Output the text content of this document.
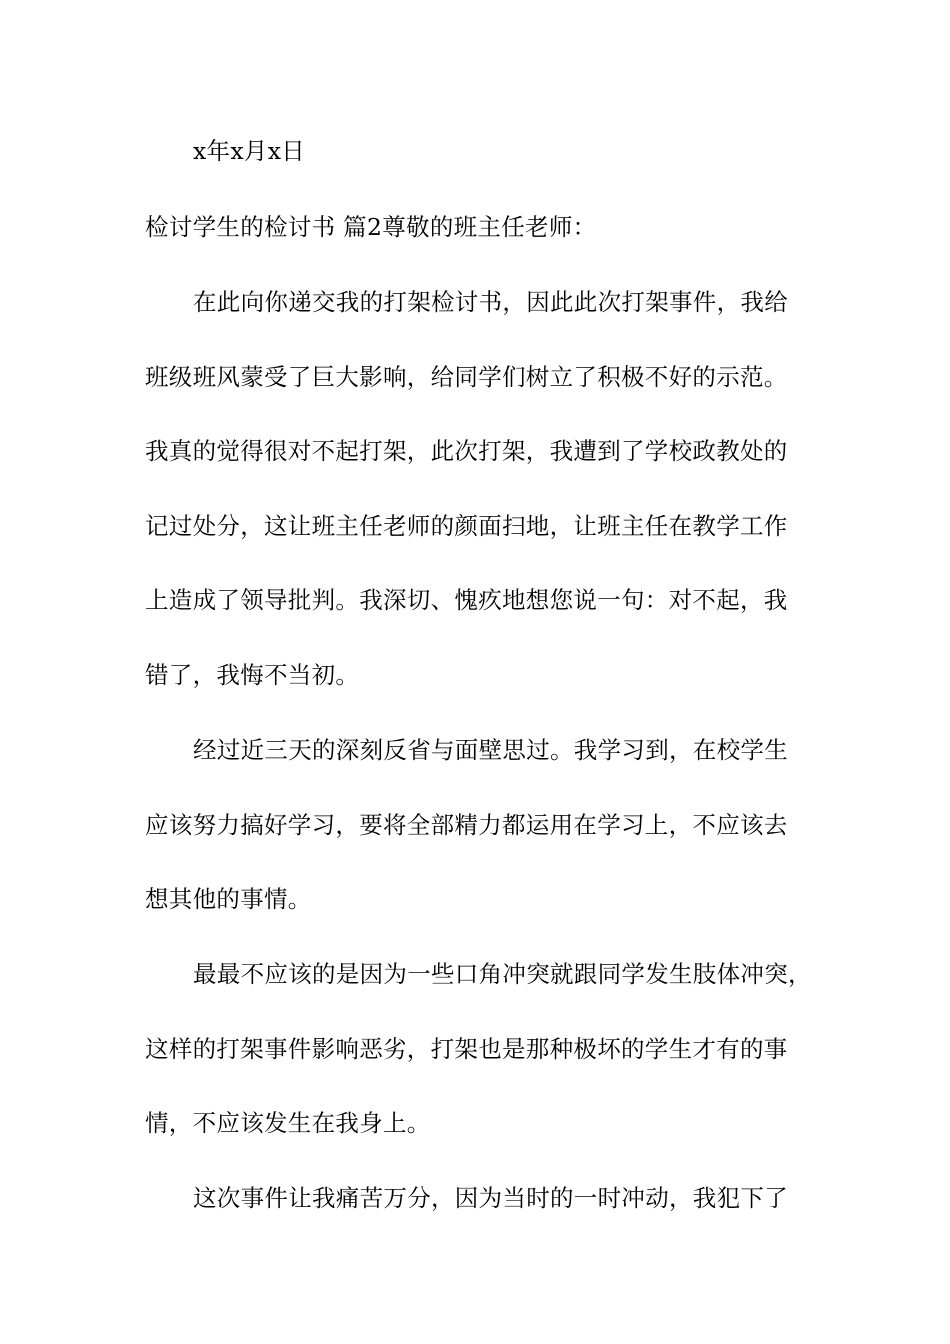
x年x月x日
检讨学生的检讨书 篇2尊敬的班主任老师：
在此向你递交我的打架检讨书，因此此次打架事件，我给
班级班风蒙受了巨大影响，给同学们树立了积极不好的示范。
我真的觉得很对不起打架，此次打架，我遭到了学校政教处的
记过处分，这让班主任老师的颜面扫地，让班主任在教学工作
上造成了领导批判。我深切、愧疚地想您说一句：对不起，我
错了，我悔不当初。
经过近三天的深刻反省与面壁思过。我学习到，在校学生
应该努力搞好学习，要将全部精力都运用在学习上，不应该去
想其他的事情。
最最不应该的是因为一些口角冲突就跟同学发生肢体冲突，
这样的打架事件影响恶劣，打架也是那种极坏的学生才有的事
情，不应该发生在我身上。
这次事件让我痛苦万分，因为当时的一时冲动，我犯下了
